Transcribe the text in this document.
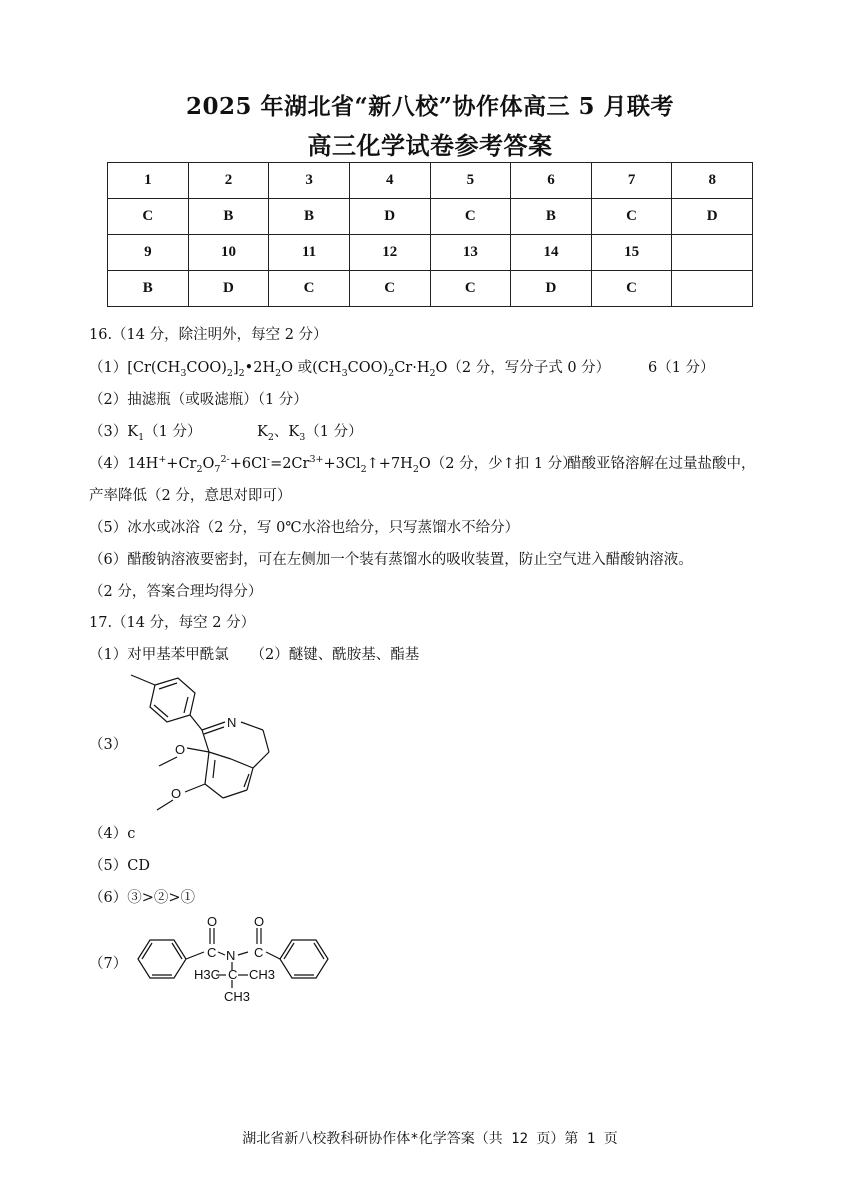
2025 年湖北省“新八校”协作体高三 5 月联考
高三化学试卷参考答案
1	2	3	4	5	6	7	8
C	B	B	D	C	B	C	D
9	10	11	12	13	14	15	
B	D	C	C	C	D	C	
16.（14 分，除注明外，每空 2 分）
$(1)[Cr(CH_3COO)_2]_2•2H_2O$ 或$(CH_3COO)_2Cr\cdot H_2O(2$ 分，写分子式 0 分）	6（1 分）
（2）抽滤瓶（或吸滤瓶）（1 分）
$(3)K_1(1$ 分）	$K_2$、$K_3(1$ 分）
$(4)14H^++Cr_2O_7^{2-}+6Cl^-=2Cr^{3+}+3Cl_2↑+7H_2O(2$ 分，少↑扣 1 分）
醋酸亚铬溶解在过量盐酸中，
产率降低（2 分，意思对即可）
（5）冰水或冰浴（2 分，写 0℃水浴也给分，只写蒸馏水不给分）
（6）醋酸钠溶液要密封，可在左侧加一个装有蒸馏水的吸收装置，防止空气进入醋酸钠溶液。
（2 分，答案合理均得分）
17.（14 分，每空 2 分）
（1）对甲基苯甲酰氯　　（2）醚键、酰胺基、酯基
（3）
N
O
O
（4）c
（5）CD
（6）③>②>①
（7）
O	O
C N C
C
H3C CH3
CH3
湖北省新八校教科研协作体*化学答案（共 12 页）第 1 页
